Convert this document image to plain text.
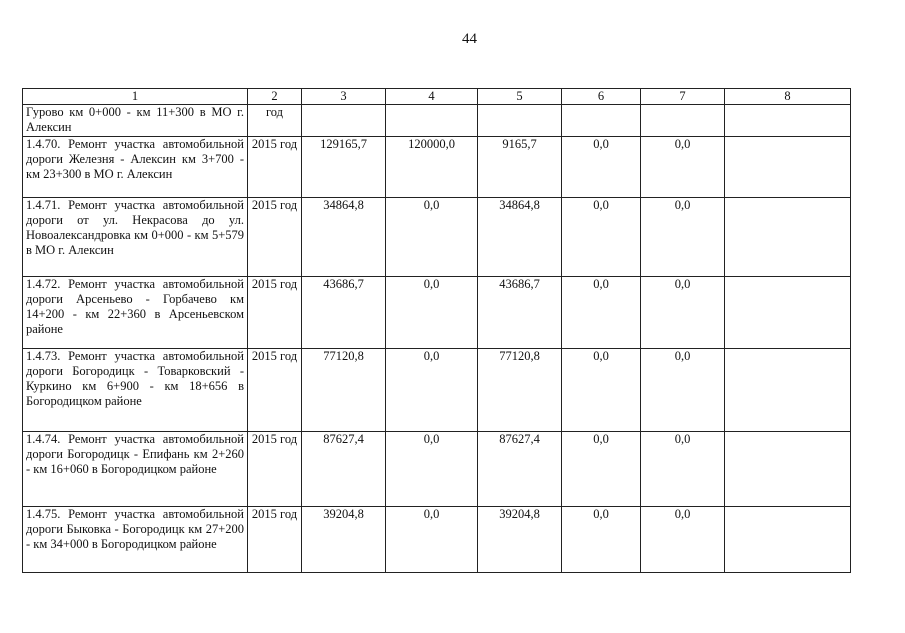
44
1	2	3	4	5	6	7	8
Гурово км 0+000 - км 11+300 в МО г. Алексин	год						
1.4.70. Ремонт участка автомобильной дороги Железня - Алексин км 3+700 - км 23+300 в МО г. Алексин	2015 год	129165,7	120000,0	9165,7	0,0	0,0	
1.4.71. Ремонт участка автомобильной дороги от ул. Некрасова до ул. Новоалександровка км 0+000 - км 5+579 в МО г. Алексин	2015 год	34864,8	0,0	34864,8	0,0	0,0	
1.4.72. Ремонт участка автомобильной дороги Арсеньево - Горбачево км 14+200 - км 22+360 в Арсеньевском районе	2015 год	43686,7	0,0	43686,7	0,0	0,0	
1.4.73. Ремонт участка автомобильной дороги Богородицк - Товарковский - Куркино км 6+900 - км 18+656 в Богородицком районе	2015 год	77120,8	0,0	77120,8	0,0	0,0	
1.4.74. Ремонт участка автомобильной дороги Богородицк - Епифань км 2+260 - км 16+060 в Богородицком районе	2015 год	87627,4	0,0	87627,4	0,0	0,0	
1.4.75. Ремонт участка автомобильной дороги Быковка - Богородицк км 27+200 - км 34+000 в Богородицком районе	2015 год	39204,8	0,0	39204,8	0,0	0,0	
